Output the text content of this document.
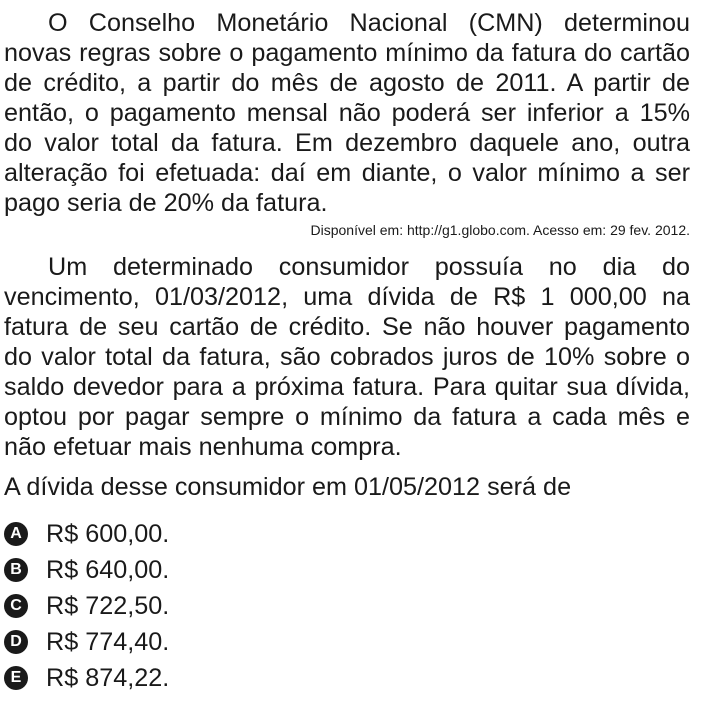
O Conselho Monetário Nacional (CMN) determinou novas regras sobre o pagamento mínimo da fatura do cartão de crédito, a partir do mês de agosto de 2011. A partir de então, o pagamento mensal não poderá ser inferior a 15% do valor total da fatura. Em dezembro daquele ano, outra alteração foi efetuada: daí em diante, o valor mínimo a ser pago seria de 20% da fatura.

Disponível em: http://g1.globo.com. Acesso em: 29 fev. 2012.

Um determinado consumidor possuía no dia do vencimento, 01/03/2012, uma dívida de R$ 1 000,00 na fatura de seu cartão de crédito. Se não houver pagamento do valor total da fatura, são cobrados juros de 10% sobre o saldo devedor para a próxima fatura. Para quitar sua dívida, optou por pagar sempre o mínimo da fatura a cada mês e não efetuar mais nenhuma compra.

A dívida desse consumidor em 01/05/2012 será de
A R$ 600,00.
B R$ 640,00.
C R$ 722,50.
D R$ 774,40.
E R$ 874,22.
